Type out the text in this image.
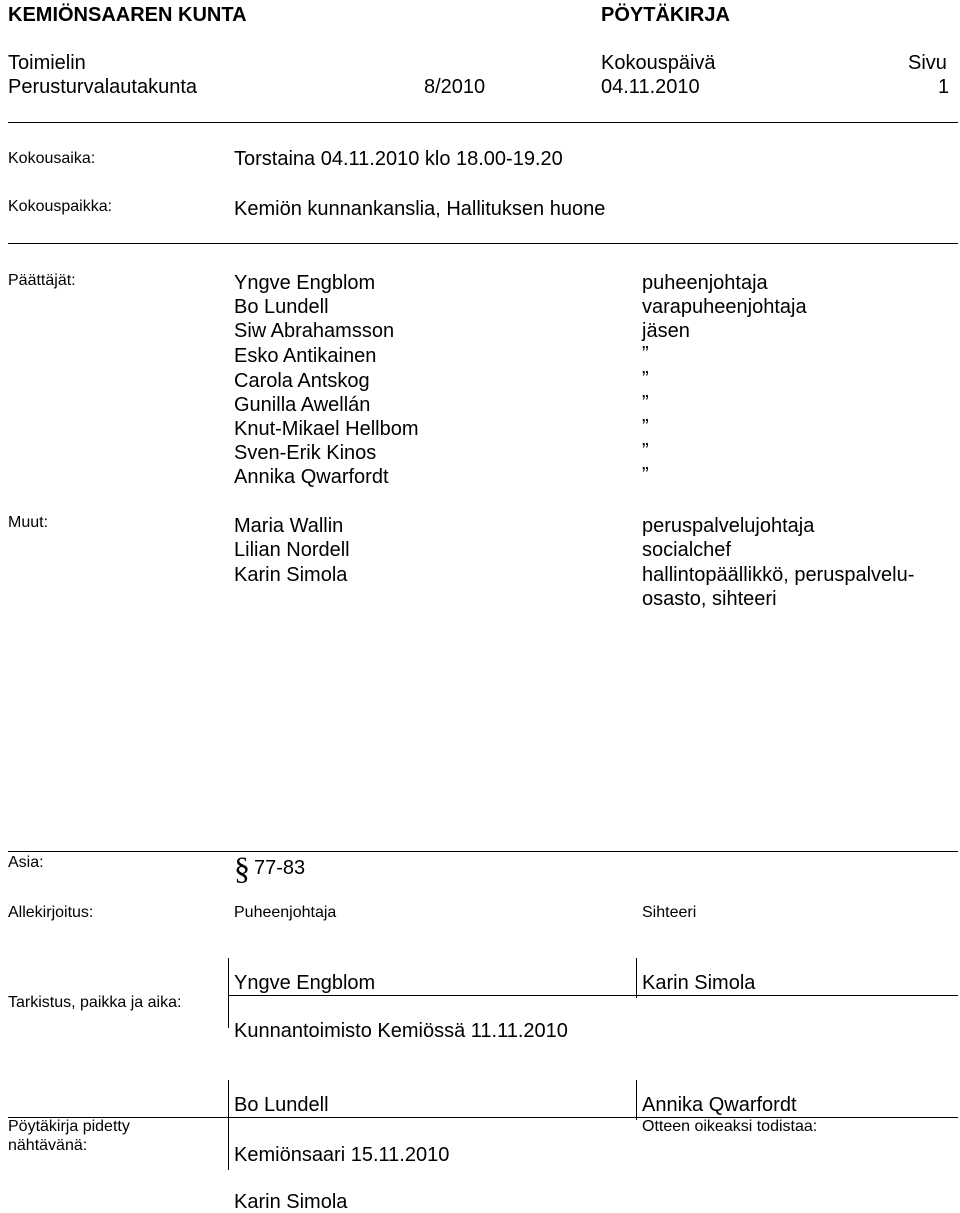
KEMIÖNSAAREN KUNTA	PÖYTÄKIRJA
Toimielin	Kokouspäivä	Sivu
Perusturvalautakunta	8/2010	04.11.2010	1
Kokousaika:	Torstaina 04.11.2010 klo 18.00-19.20
Kokouspaikka:	Kemiön kunnankanslia, Hallituksen huone
Päättäjät:	Yngve Engblom	puheenjohtaja
Bo Lundell	varapuheenjohtaja
Siw Abrahamsson	jäsen
Esko Antikainen	”
Carola Antskog	”
Gunilla Awellán	”
Knut-Mikael Hellbom	”
Sven-Erik Kinos	”
Annika Qwarfordt	”
Muut:	Maria Wallin	peruspalvelujohtaja
Lilian Nordell	socialchef
Karin Simola	hallintopäällikkö, peruspalvelu-
osasto, sihteeri
Asia:	§ 77-83
Allekirjoitus:	Puheenjohtaja	Sihteeri
Yngve Engblom	Karin Simola
Tarkistus, paikka ja aika:
Kunnantoimisto Kemiössä 11.11.2010
Bo Lundell	Annika Qwarfordt
Pöytäkirja pidetty
nähtävänä:
Otteen oikeaksi todistaa:
Kemiönsaari 15.11.2010
Karin Simola
